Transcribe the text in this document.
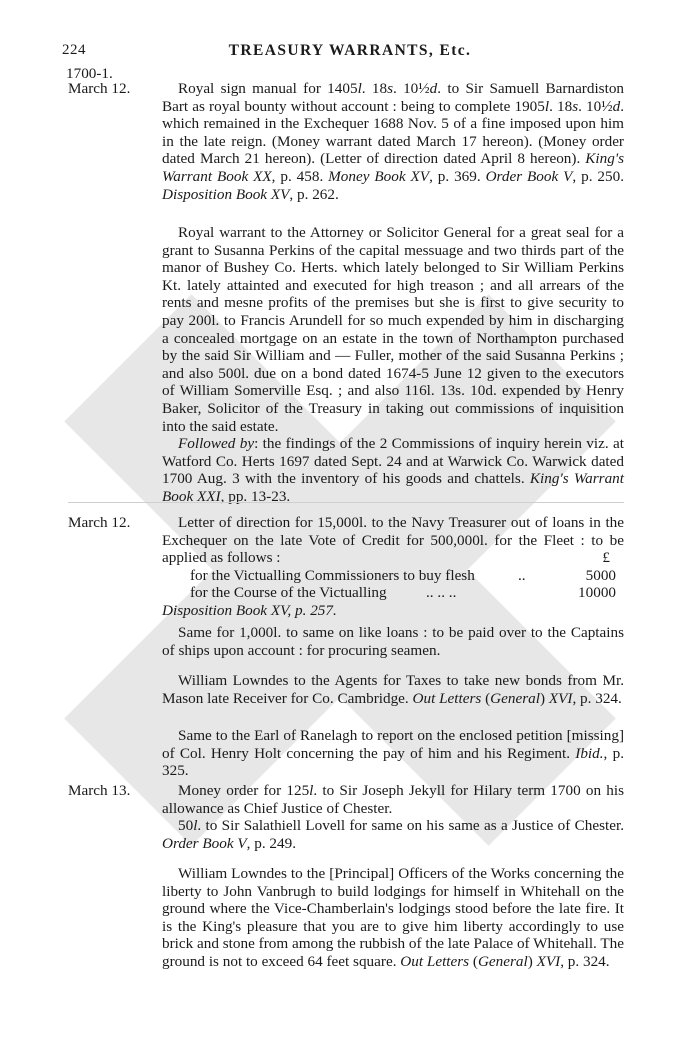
224	TREASURY WARRANTS, Etc.
1700-1.
March 12.	Royal sign manual for 1405l. 18s. 10½d. to Sir Samuell Barnardiston Bart as royal bounty without account : being to complete 1905l. 18s. 10½d. which remained in the Exchequer 1688 Nov. 5 of a fine imposed upon him in the late reign. (Money warrant dated March 17 hereon). (Money order dated March 21 hereon). (Letter of direction dated April 8 hereon). King's Warrant Book XX, p. 458. Money Book XV, p. 369. Order Book V, p. 250. Disposition Book XV, p. 262.

Royal warrant to the Attorney or Solicitor General for a great seal for a grant to Susanna Perkins of the capital messuage and two thirds part of the manor of Bushey Co. Herts. which lately belonged to Sir William Perkins Kt. lately attainted and executed for high treason ; and all arrears of the rents and mesne profits of the premises but she is first to give security to pay 200l. to Francis Arundell for so much expended by him in discharging a concealed mortgage on an estate in the town of Northampton purchased by the said Sir William and — Fuller, mother of the said Susanna Perkins ; and also 500l. due on a bond dated 1674-5 June 12 given to the executors of William Somerville Esq. ; and also 116l. 13s. 10d. expended by Henry Baker, Solicitor of the Treasury in taking out commissions of inquisition into the said estate.

Followed by: the findings of the 2 Commissions of inquiry herein viz. at Watford Co. Herts 1697 dated Sept. 24 and at Warwick Co. Warwick dated 1700 Aug. 3 with the inventory of his goods and chattels. King's Warrant Book XXI, pp. 13-23.

March 12.	Letter of direction for 15,000l. to the Navy Treasurer out of loans in the Exchequer on the late Vote of Credit for 500,000l. for the Fleet : to be applied as follows :	£
for the Victualling Commissioners to buy flesh	..	5000
for the Course of the Victualling	.. .. ..	10000
Disposition Book XV, p. 257.

Same for 1,000l. to same on like loans : to be paid over to the Captains of ships upon account : for procuring seamen.

William Lowndes to the Agents for Taxes to take new bonds from Mr. Mason late Receiver for Co. Cambridge. Out Letters (General) XVI, p. 324.

Same to the Earl of Ranelagh to report on the enclosed petition [missing] of Col. Henry Holt concerning the pay of him and his Regiment. Ibid., p. 325.

March 13.	Money order for 125l. to Sir Joseph Jekyll for Hilary term 1700 on his allowance as Chief Justice of Chester.

50l. to Sir Salathiell Lovell for same on his same as a Justice of Chester. Order Book V, p. 249.

William Lowndes to the [Principal] Officers of the Works concerning the liberty to John Vanbrugh to build lodgings for himself in Whitehall on the ground where the Vice-Chamberlain's lodgings stood before the late fire. It is the King's pleasure that you are to give him liberty accordingly to use brick and stone from among the rubbish of the late Palace of Whitehall. The ground is not to exceed 64 feet square. Out Letters (General) XVI, p. 324.
